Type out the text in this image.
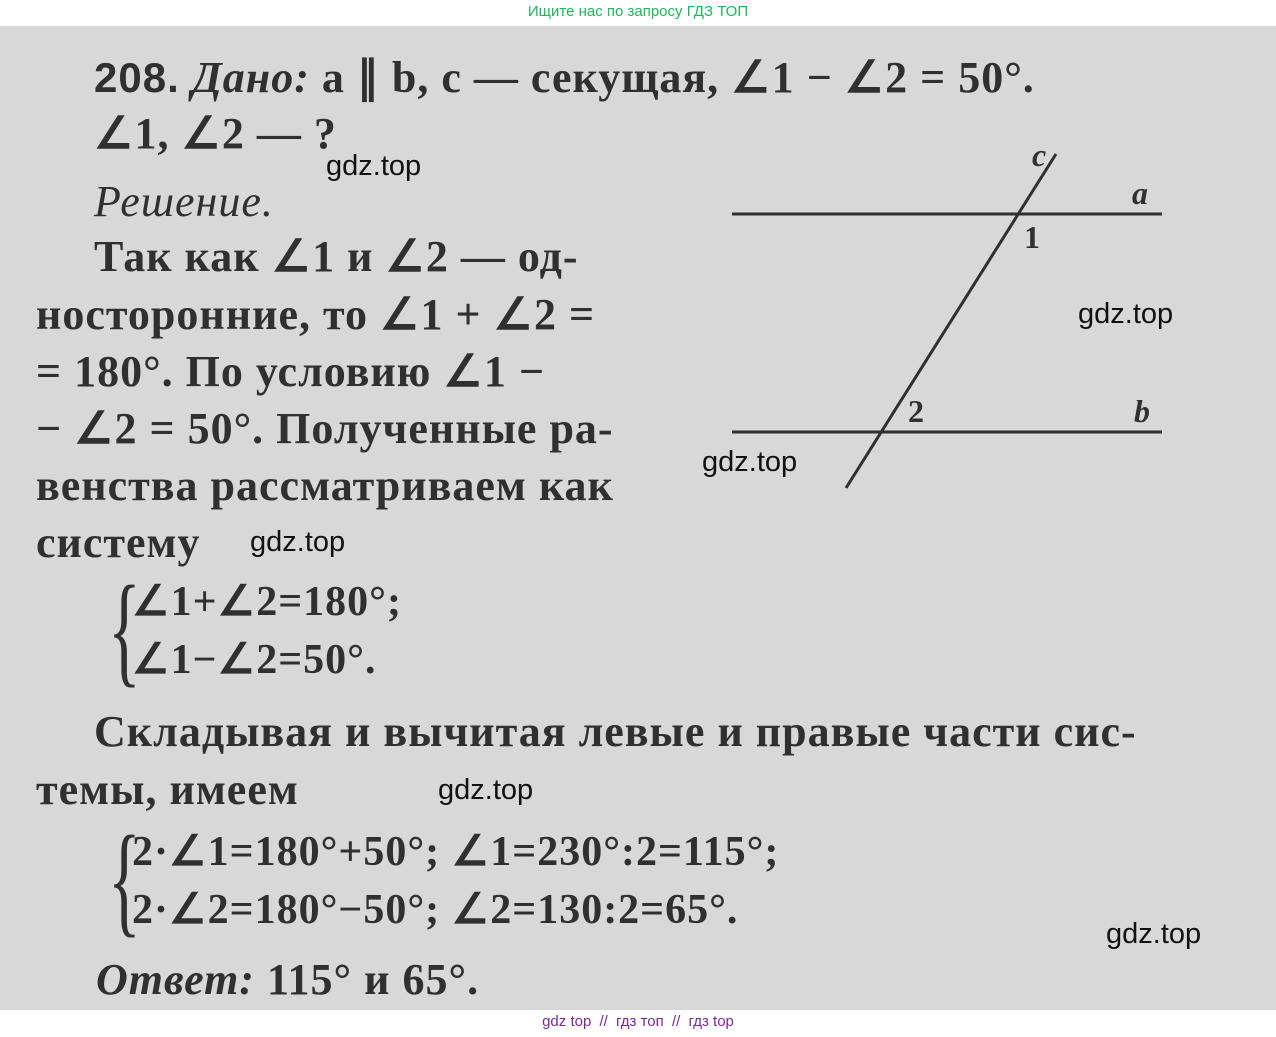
Ищите нас по запросу ГДЗ ТОП
208. Дано: a ∥ b, c — секущая, ∠1 − ∠2 = 50°.
∠1, ∠2 — ?
Решение.
Так как ∠1 и ∠2 — од-
носторонние, то ∠1 + ∠2 =
= 180°. По условию ∠1 −
− ∠2 = 50°. Полученные ра-
венства рассматриваем как
систему
{
∠1+∠2=180°;
∠1−∠2=50°.
Складывая и вычитая левые и правые части сис-
темы, имеем
{
2·∠1=180°+50°; ∠1=230°:2=115°;
2·∠2=180°−50°; ∠2=130:2=65°.
Ответ: 115° и 65°.
c
a
b
1
2
gdz.top
gdz.top
gdz.top
gdz.top
gdz.top
gdz.top
gdz top // гдз топ // гдз top
